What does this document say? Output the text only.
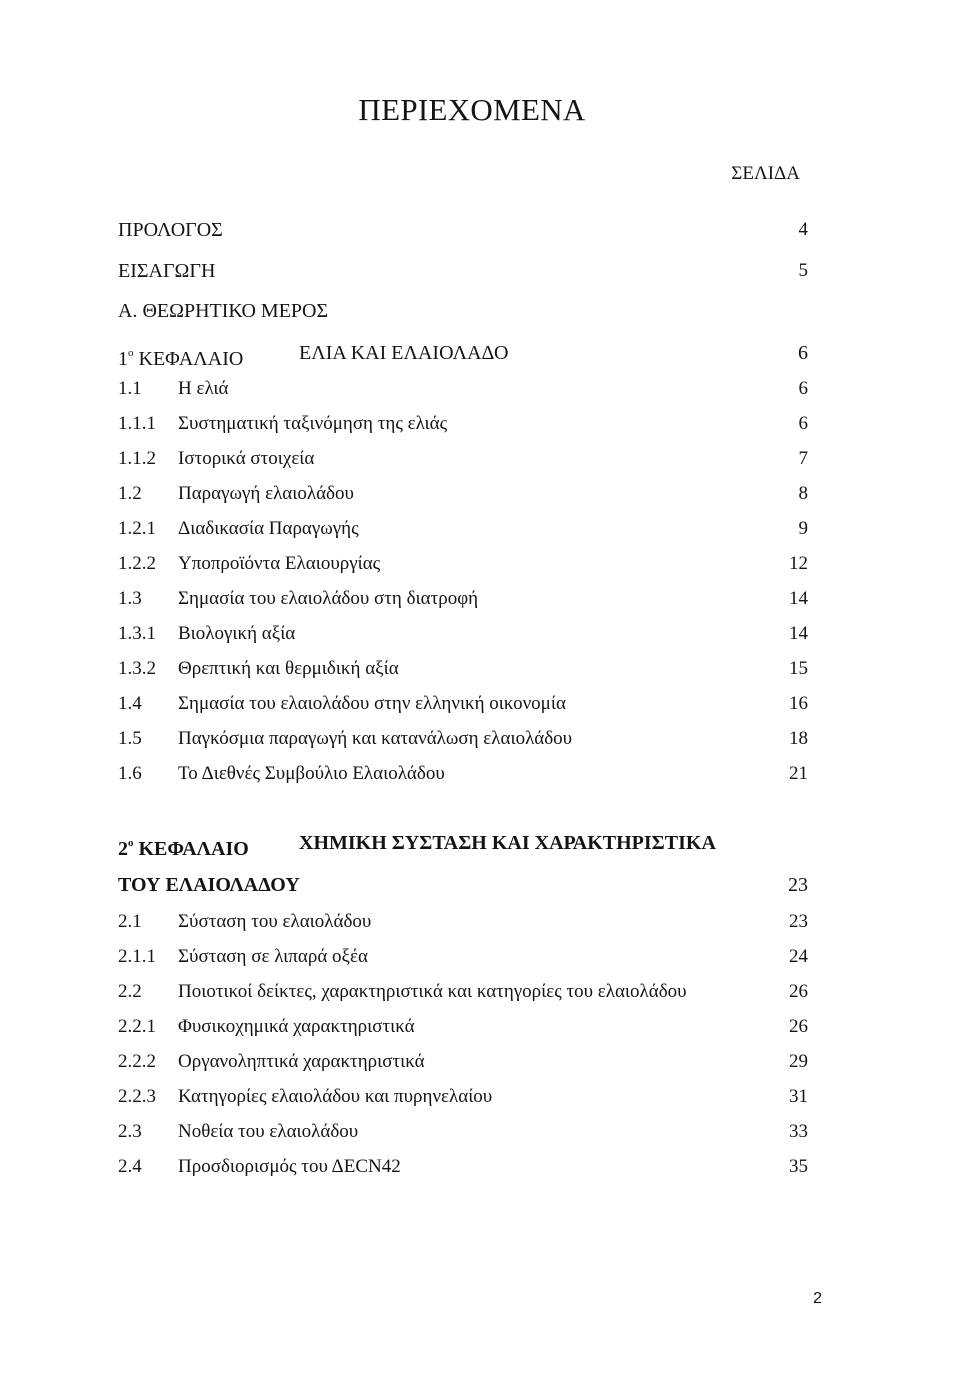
ΠΕΡΙΕΧΟΜΕΝΑ
ΣΕΛΙΔΑ
ΠΡΟΛΟΓΟΣ	4
ΕΙΣΑΓΩΓΗ	5
Α. ΘΕΩΡΗΤΙΚΟ ΜΕΡΟΣ
$1^o$ ΚΕΦΑΛΑΙΟ	ΕΛΙΑ ΚΑΙ ΕΛΑΙΟΛΑΔΟ	6
1.1 Η ελιά	6
1.1.1 Συστηματική ταξινόμηση της ελιάς	6
1.1.2 Ιστορικά στοιχεία	7
1.2 Παραγωγή ελαιολάδου	8
1.2.1 Διαδικασία Παραγωγής	9
1.2.2 Υποπροϊόντα Ελαιουργίας	12
1.3 Σημασία του ελαιολάδου στη διατροφή	14
1.3.1 Βιολογική αξία	14
1.3.2 Θρεπτική και θερμιδική αξία	15
1.4 Σημασία του ελαιολάδου στην ελληνική οικονομία	16
1.5 Παγκόσμια παραγωγή και κατανάλωση ελαιολάδου	18
1.6 Το Διεθνές Συμβούλιο Ελαιολάδου	21
$2^o$ ΚΕΦΑΛΑΙΟ	ΧΗΜΙΚΗ ΣΥΣΤΑΣΗ ΚΑΙ ΧΑΡΑΚΤΗΡΙΣΤΙΚΑ
ΤΟΥ ΕΛΑΙΟΛΑΔΟΥ	23
2.1 Σύσταση του ελαιολάδου	23
2.1.1 Σύσταση σε λιπαρά οξέα	24
2.2 Ποιοτικοί δείκτες, χαρακτηριστικά και κατηγορίες του ελαιολάδου	26
2.2.1 Φυσικοχημικά χαρακτηριστικά	26
2.2.2 Οργανοληπτικά χαρακτηριστικά	29
2.2.3 Κατηγορίες ελαιολάδου και πυρηνελαίου	31
2.3 Νοθεία του ελαιολάδου	33
2.4 Προσδιορισμός του ΔECN42	35
2
